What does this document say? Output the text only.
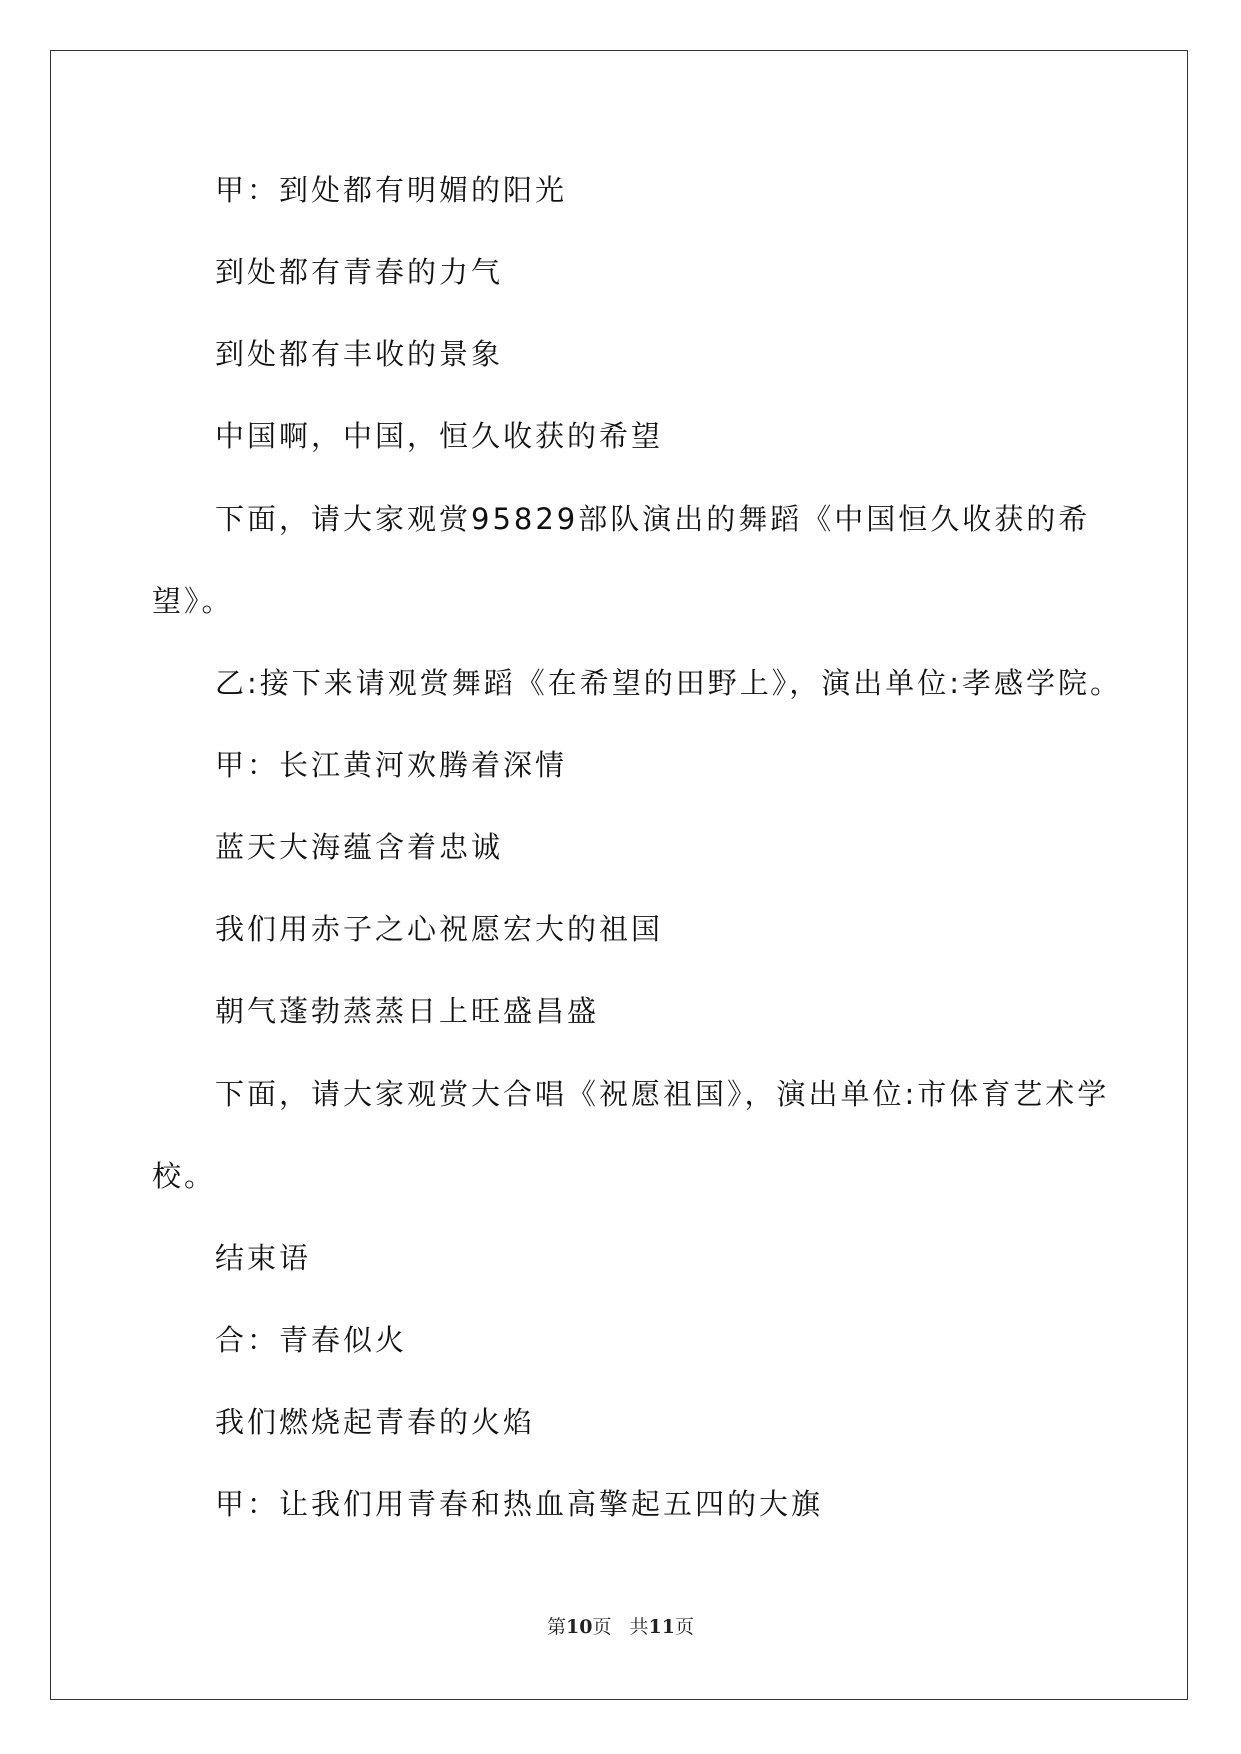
甲：到处都有明媚的阳光
到处都有青春的力气
到处都有丰收的景象
中国啊，中国，恒久收获的希望
下面，请大家观赏95829部队演出的舞蹈《中国恒久收获的希
望》。
乙:接下来请观赏舞蹈《在希望的田野上》，演出单位:孝感学院。
甲：长江黄河欢腾着深情
蓝天大海蕴含着忠诚
我们用赤子之心祝愿宏大的祖国
朝气蓬勃蒸蒸日上旺盛昌盛
下面，请大家观赏大合唱《祝愿祖国》，演出单位:市体育艺术学
校。
结束语
合：青春似火
我们燃烧起青春的火焰
甲：让我们用青春和热血高擎起五四的大旗
第10页 共11页
